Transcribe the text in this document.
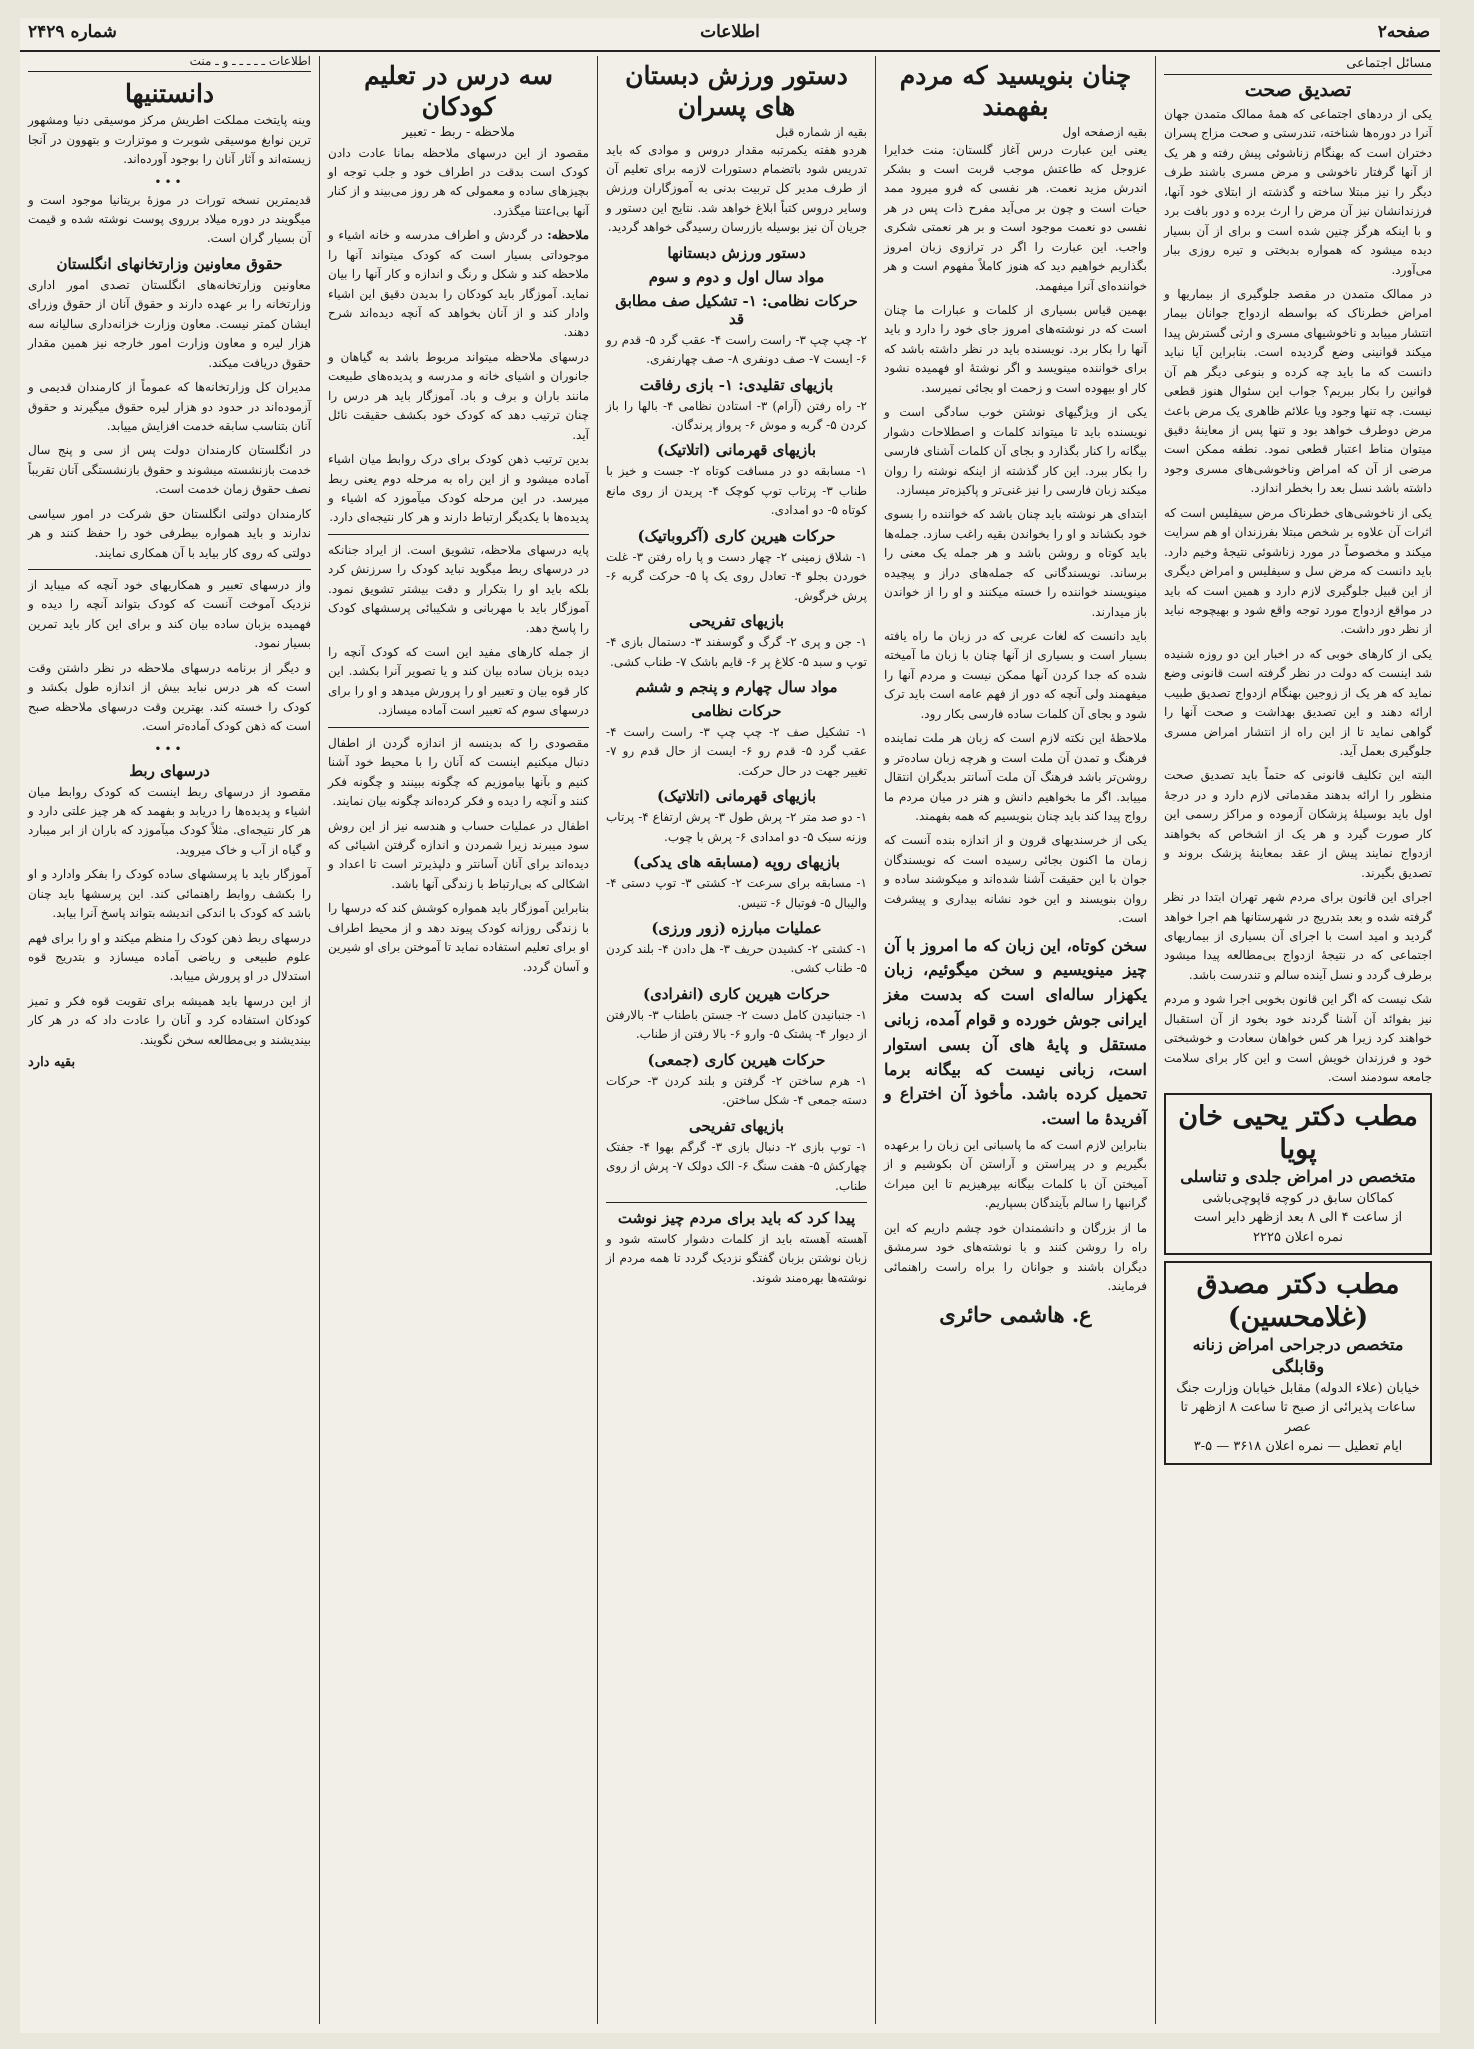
صفحه۲
اطلاعات
شماره ۲۴۲۹
مسائل اجتماعی
تصدیق صحت

یکی از دردهای اجتماعی که همهٔ ممالک متمدن جهان آنرا در دوره‌ها شناخته، تندرستی و صحت مزاج پسران دختران است که بهنگام زناشوئی پیش رفته و هر یک از آنها گرفتار ناخوشی و مرض مسری باشند طرف دیگر را نیز مبتلا ساخته و گذشته از ابتلای خود آنها، فرزندانشان نیز آن مرض را ارث برده و دور بافت برد و با اینکه هرگز چنین شده است و برای از آن بسیار دیده میشود که همواره بدبختی و تیره روزی ببار می‌آورد.

در ممالک متمدن در مقصد جلوگیری از بیماریها و امراض خطرناک که بواسطه ازدواج جوانان بیمار انتشار مییابد و ناخوشیهای مسری و ارثی گسترش پیدا میکند قوانینی وضع گردیده است. بنابراین آیا نباید دانست که ما باید چه کرده و بنوعی دیگر هم آن قوانین را بکار ببریم؟ جواب این سئوال هنوز قطعی نیست. چه تنها وجود ویا علائم ظاهری یک مرض باعث مرض دوطرف خواهد بود و تنها پس از معاینهٔ دقیق میتوان مناط اعتبار قطعی نمود. نطفه ممکن است مرضی از آن که امراض وناخوشی‌های مسری وجود داشته باشد نسل بعد را بخطر اندازد.

یکی از ناخوشی‌های خطرناک مرض سیفلیس است که اثرات آن علاوه بر شخص مبتلا بفرزندان او هم سرایت میکند و مخصوصاً در مورد زناشوئی نتیجهٔ وخیم دارد. باید دانست که مرض سل و سیفلیس و امراض دیگری از این قبیل جلوگیری لازم دارد و همین است که باید در مواقع ازدواج مورد توجه واقع شود و بهیچوجه نباید از نظر دور داشت.

یکی از کارهای خوبی که در اخبار این دو روزه شنیده شد اینست که دولت در نظر گرفته است قانونی وضع نماید که هر یک از زوجین بهنگام ازدواج تصدیق طبیب ارائه دهند و این تصدیق بهداشت و صحت آنها را گواهی نماید تا از این راه از انتشار امراض مسری جلوگیری بعمل آید.

البته این تکلیف قانونی که حتماً باید تصدیق صحت منظور را ارائه بدهند مقدماتی لازم دارد و در درجهٔ اول باید بوسیلهٔ پزشکان آزموده و مراکز رسمی این کار صورت گیرد و هر یک از اشخاص که بخواهند ازدواج نمایند پیش از عقد بمعاینهٔ پزشک بروند و تصدیق بگیرند.

اجرای این قانون برای مردم شهر تهران ابتدا در نظر گرفته شده و بعد بتدریج در شهرستانها هم اجرا خواهد گردید و امید است با اجرای آن بسیاری از بیماریهای اجتماعی که در نتیجهٔ ازدواج بی‌مطالعه پیدا میشود برطرف گردد و نسل آینده سالم و تندرست باشد.

شک نیست که اگر این قانون بخوبی اجرا شود و مردم نیز بفوائد آن آشنا گردند خود بخود از آن استقبال خواهند کرد زیرا هر کس خواهان سعادت و خوشبختی خود و فرزندان خویش است و این کار برای سلامت جامعه سودمند است.

مطب دکتر یحیی خان پویا
متخصص در امراض جلدی و تناسلی
کماکان سابق در کوچه قاپوچی‌باشی
از ساعت ۴ الی ۸ بعد ازظهر دایر است
نمره اعلان ۲۲۲۵
مطب دکتر مصدق (غلامحسین)
متخصص درجراحی امراض زنانه وقابلگی
خیابان (علاء الدوله) مقابل خیابان وزارت جنگ
ساعات پذیرائی از صبح تا ساعت ۸ ازظهر تا عصر
ایام تعطیل — نمره اعلان ۳۶۱۸ — ۵-۳
چنان بنویسید که مردم بفهمند
بقیه ازصفحه اول

یعنی این عبارت درس آغاز گلستان: منت خدایرا عزوجل که طاعتش موجب قربت است و بشکر اندرش مزید نعمت. هر نفسی که فرو میرود ممد حیات است و چون بر می‌آید مفرح ذات پس در هر نفسی دو نعمت موجود است و بر هر نعمتی شکری واجب. این عبارت را اگر در ترازوی زبان امروز بگذاریم خواهیم دید که هنوز کاملاً مفهوم است و هر خواننده‌ای آنرا میفهمد.

بهمین قیاس بسیاری از کلمات و عبارات ما چنان است که در نوشته‌های امروز جای خود را دارد و باید آنها را بکار برد. نویسنده باید در نظر داشته باشد که برای خواننده مینویسد و اگر نوشتهٔ او فهمیده نشود کار او بیهوده است و زحمت او بجائی نمیرسد.

یکی از ویژگیهای نوشتن خوب سادگی است و نویسنده باید تا میتواند کلمات و اصطلاحات دشوار بیگانه را کنار بگذارد و بجای آن کلمات آشنای فارسی را بکار ببرد. این کار گذشته از اینکه نوشته را روان میکند زبان فارسی را نیز غنی‌تر و پاکیزه‌تر میسازد.

ابتدای هر نوشته باید چنان باشد که خواننده را بسوی خود بکشاند و او را بخواندن بقیه راغب سازد. جمله‌ها باید کوتاه و روشن باشد و هر جمله یک معنی را برساند. نویسندگانی که جمله‌های دراز و پیچیده مینویسند خواننده را خسته میکنند و او را از خواندن باز میدارند.

باید دانست که لغات عربی که در زبان ما راه یافته بسیار است و بسیاری از آنها چنان با زبان ما آمیخته شده که جدا کردن آنها ممکن نیست و مردم آنها را میفهمند ولی آنچه که دور از فهم عامه است باید ترک شود و بجای آن کلمات ساده فارسی بکار رود.

ملاحظهٔ این نکته لازم است که زبان هر ملت نماینده فرهنگ و تمدن آن ملت است و هرچه زبان ساده‌تر و روشن‌تر باشد فرهنگ آن ملت آسانتر بدیگران انتقال مییابد. اگر ما بخواهیم دانش و هنر در میان مردم ما رواج پیدا کند باید چنان بنویسیم که همه بفهمند.

یکی از خرسندیهای قرون و از اندازه بنده آنست که زمان ما اکنون بجائی رسیده است که نویسندگان جوان با این حقیقت آشنا شده‌اند و میکوشند ساده و روان بنویسند و این خود نشانه بیداری و پیشرفت است.

سخن کوتاه، این زبان که ما امروز با آن چیز مینویسیم و سخن میگوئیم، زبان یکهزار ساله‌ای است که بدست مغز ایرانی جوش خورده و قوام آمده، زبانی مستقل و پایهٔ های آن بسی استوار است، زبانی نیست که بیگانه برما تحمیل کرده باشد. مأخوذ آن اختراع و آفریدهٔ ما است.

بنابراین لازم است که ما پاسبانی این زبان را برعهده بگیریم و در پیراستن و آراستن آن بکوشیم و از آمیختن آن با کلمات بیگانه بپرهیزیم تا این میراث گرانبها را سالم بآیندگان بسپاریم.

ما از بزرگان و دانشمندان خود چشم داریم که این راه را روشن کنند و با نوشته‌های خود سرمشق دیگران باشند و جوانان را براه راست راهنمائی فرمایند.

ع. هاشمی حائری
دستور ورزش دبستان های پسران
بقیه از شماره قبل

هردو هفته یکمرتبه مقدار دروس و موادی که باید تدریس شود باتضمام دستورات لازمه برای تعلیم آن از طرف مدیر کل تربیت بدنی به آموزگاران ورزش وسایر دروس کتباً ابلاغ خواهد شد. نتایج این دستور و جریان آن نیز بوسیله بازرسان رسیدگی خواهد گردید.

دستور ورزش دبستانها
مواد سال اول و دوم و سوم
حرکات نظامی: ۱- تشکیل صف مطابق قد

۲- چپ چپ ۳- راست راست ۴- عقب گرد ۵- قدم رو ۶- ایست ۷- صف دونفری ۸- صف چهارنفری.

بازیهای تقلیدی: ۱- بازی رفاقت

۲- راه رفتن (آرام) ۳- استادن نظامی ۴- بالها را باز کردن ۵- گربه و موش ۶- پرواز پرندگان.

بازیهای قهرمانی (اتلاتیک)

۱- مسابقه دو در مسافت کوتاه ۲- جست و خیز با طناب ۳- پرتاب توپ کوچک ۴- پریدن از روی مانع کوتاه ۵- دو امدادی.

حرکات هیرین کاری (آکروباتیک)

۱- شلاق زمینی ۲- چهار دست و پا راه رفتن ۳- غلت خوردن بجلو ۴- تعادل روی یک پا ۵- حرکت گربه ۶- پرش خرگوش.

بازیهای تفریحی

۱- جن و پری ۲- گرگ و گوسفند ۳- دستمال بازی ۴- توپ و سبد ۵- کلاغ پر ۶- قایم باشک ۷- طناب کشی.

مواد سال چهارم و پنجم و ششم
حرکات نظامی

۱- تشکیل صف ۲- چپ چپ ۳- راست راست ۴- عقب گرد ۵- قدم رو ۶- ایست از حال قدم رو ۷- تغییر جهت در حال حرکت.

بازیهای قهرمانی (اتلاتیک)

۱- دو صد متر ۲- پرش طول ۳- پرش ارتفاع ۴- پرتاب وزنه سبک ۵- دو امدادی ۶- پرش با چوب.

بازیهای روپه (مسابقه های یدکی)

۱- مسابقه برای سرعت ۲- کشتی ۳- توپ دستی ۴- والیبال ۵- فوتبال ۶- تنیس.

عملیات مبارزه (زور ورزی)

۱- کشتی ۲- کشیدن حریف ۳- هل دادن ۴- بلند کردن ۵- طناب کشی.

حرکات هیرین کاری (انفرادی)

۱- جنبانیدن کامل دست ۲- جستن باطناب ۳- بالارفتن از دیوار ۴- پشتک ۵- وارو ۶- بالا رفتن از طناب.

حرکات هیرین کاری (جمعی)

۱- هرم ساختن ۲- گرفتن و بلند کردن ۳- حرکات دسته جمعی ۴- شکل ساختن.

بازیهای تفریحی

۱- توپ بازی ۲- دنبال بازی ۳- گرگم بهوا ۴- جفتک چهارکش ۵- هفت سنگ ۶- الک دولک ۷- پرش از روی طناب.

پیدا کرد که باید برای مردم چیز نوشت

آهسته آهسته باید از کلمات دشوار کاسته شود و زبان نوشتن بزبان گفتگو نزدیک گردد تا همه مردم از نوشته‌ها بهره‌مند شوند.

سه درس در تعلیم کودکان
ملاحظه - ربط - تعبیر

مقصود از این درسهای ملاحظه بمانا عادت دادن کودک است بدقت در اطراف خود و جلب توجه او بچیزهای ساده و معمولی که هر روز می‌بیند و از کنار آنها بی‌اعتنا میگذرد.

ملاحظه: در گردش و اطراف مدرسه و خانه اشیاء و موجوداتی بسیار است که کودک میتواند آنها را ملاحظه کند و شکل و رنگ و اندازه و کار آنها را بیان نماید. آموزگار باید کودکان را بدیدن دقیق این اشیاء وادار کند و از آنان بخواهد که آنچه دیده‌اند شرح دهند.

درسهای ملاحظه میتواند مربوط باشد به گیاهان و جانوران و اشیای خانه و مدرسه و پدیده‌های طبیعت مانند باران و برف و باد. آموزگار باید هر درس را چنان ترتیب دهد که کودک خود بکشف حقیقت نائل آید.

بدین ترتیب ذهن کودک برای درک روابط میان اشیاء آماده میشود و از این راه به مرحله دوم یعنی ربط میرسد. در این مرحله کودک میآموزد که اشیاء و پدیده‌ها با یکدیگر ارتباط دارند و هر کار نتیجه‌ای دارد.

پایه درسهای ملاحظه، تشویق است. از ایراد جنانکه در درسهای ربط میگوید نباید کودک را سرزنش کرد بلکه باید او را بتکرار و دقت بیشتر تشویق نمود. آموزگار باید با مهربانی و شکیبائی پرسشهای کودک را پاسخ دهد.

از جمله کارهای مفید این است که کودک آنچه را دیده بزبان ساده بیان کند و یا تصویر آنرا بکشد. این کار قوه بیان و تعبیر او را پرورش میدهد و او را برای درسهای سوم که تعبیر است آماده میسازد.

مقصودی را که بدینسه از اندازه گردن از اطفال دنبال میکنیم اینست که آنان را با محیط خود آشنا کنیم و بآنها بیاموزیم که چگونه ببینند و چگونه فکر کنند و آنچه را دیده و فکر کرده‌اند چگونه بیان نمایند.

اطفال در عملیات حساب و هندسه نیز از این روش سود میبرند زیرا شمردن و اندازه گرفتن اشیائی که دیده‌اند برای آنان آسانتر و دلپذیرتر است تا اعداد و اشکالی که بی‌ارتباط با زندگی آنها باشد.

بنابراین آموزگار باید همواره کوشش کند که درسها را با زندگی روزانه کودک پیوند دهد و از محیط اطراف او برای تعلیم استفاده نماید تا آموختن برای او شیرین و آسان گردد.

اطلاعات ـ ـ ـ ـ ـ و ـ منت
دانستنیها

وینه پایتخت مملکت اطریش مرکز موسیقی دنیا ومشهور ترین نوابغ موسیقی شوبرت و موتزارت و بتهوون در آنجا زیسته‌اند و آثار آنان را بوجود آورده‌اند.

•••

قدیمترین نسخه تورات در موزهٔ بریتانیا موجود است و میگویند در دوره میلاد برروی پوست نوشته شده و قیمت آن بسیار گران است.

حقوق معاونین وزارتخانهای انگلستان

معاونین وزارتخانه‌های انگلستان تصدی امور اداری وزارتخانه را بر عهده دارند و حقوق آنان از حقوق وزرای ایشان کمتر نیست. معاون وزارت خزانه‌داری سالیانه سه هزار لیره و معاون وزارت امور خارجه نیز همین مقدار حقوق دریافت میکند.

مدیران کل وزارتخانه‌ها که عموماً از کارمندان قدیمی و آزموده‌اند در حدود دو هزار لیره حقوق میگیرند و حقوق آنان بتناسب سابقه خدمت افزایش مییابد.

در انگلستان کارمندان دولت پس از سی و پنج سال خدمت بازنشسته میشوند و حقوق بازنشستگی آنان تقریباً نصف حقوق زمان خدمت است.

کارمندان دولتی انگلستان حق شرکت در امور سیاسی ندارند و باید همواره بیطرفی خود را حفظ کنند و هر دولتی که روی کار بیاید با آن همکاری نمایند.

واز درسهای تعبیر و همکاریهای خود آنچه که میباید از نزدیک آموخت آنست که کودک بتواند آنچه را دیده و فهمیده بزبان ساده بیان کند و برای این کار باید تمرین بسیار نمود.

و دیگر از برنامه درسهای ملاحظه در نظر داشتن وقت است که هر درس نباید بیش از اندازه طول بکشد و کودک را خسته کند. بهترین وقت درسهای ملاحظه صبح است که ذهن کودک آماده‌تر است.

•••
درسهای ربط

مقصود از درسهای ربط اینست که کودک روابط میان اشیاء و پدیده‌ها را دریابد و بفهمد که هر چیز علتی دارد و هر کار نتیجه‌ای. مثلاً کودک میآموزد که باران از ابر میبارد و گیاه از آب و خاک میروید.

آموزگار باید با پرسشهای ساده کودک را بفکر وادارد و او را بکشف روابط راهنمائی کند. این پرسشها باید چنان باشد که کودک با اندکی اندیشه بتواند پاسخ آنرا بیابد.

درسهای ربط ذهن کودک را منظم میکند و او را برای فهم علوم طبیعی و ریاضی آماده میسازد و بتدریج قوه استدلال در او پرورش مییابد.

از این درسها باید همیشه برای تقویت قوه فکر و تمیز کودکان استفاده کرد و آنان را عادت داد که در هر کار بیندیشند و بی‌مطالعه سخن نگویند.

بقیه دارد
